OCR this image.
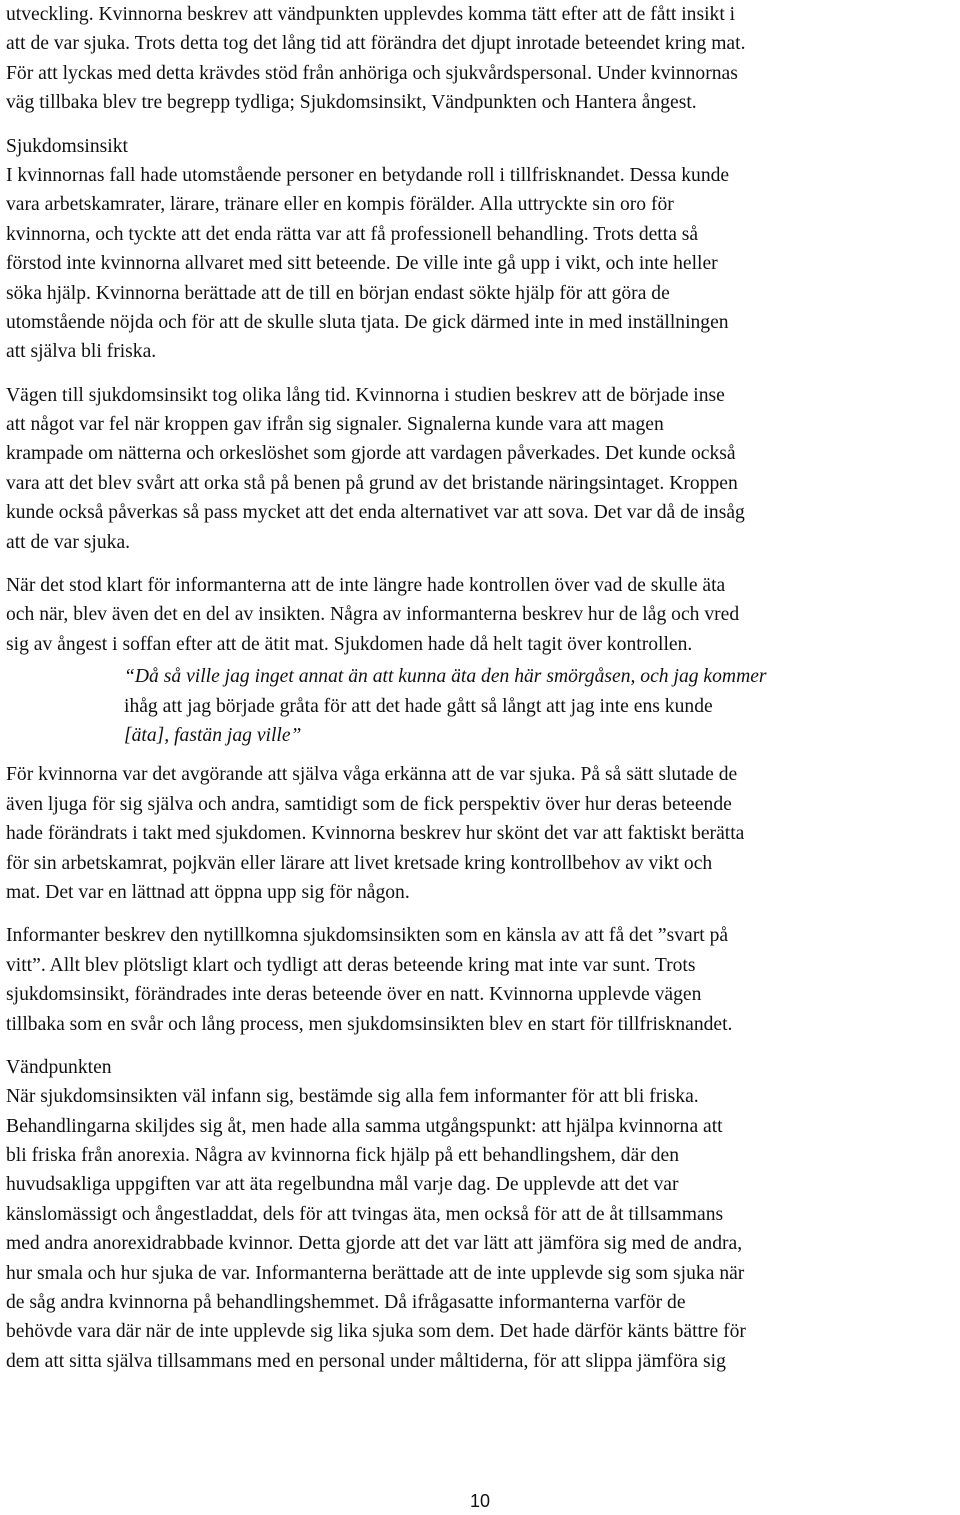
utveckling. Kvinnorna beskrev att vändpunkten upplevdes komma tätt efter att de fått insikt i
att de var sjuka. Trots detta tog det lång tid att förändra det djupt inrotade beteendet kring mat.
För att lyckas med detta krävdes stöd från anhöriga och sjukvårdspersonal. Under kvinnornas
väg tillbaka blev tre begrepp tydliga; Sjukdomsinsikt, Vändpunkten och Hantera ångest.
Sjukdomsinsikt
I kvinnornas fall hade utomstående personer en betydande roll i tillfrisknandet. Dessa kunde
vara arbetskamrater, lärare, tränare eller en kompis förälder. Alla uttryckte sin oro för
kvinnorna, och tyckte att det enda rätta var att få professionell behandling. Trots detta så
förstod inte kvinnorna allvaret med sitt beteende. De ville inte gå upp i vikt, och inte heller
söka hjälp. Kvinnorna berättade att de till en början endast sökte hjälp för att göra de
utomstående nöjda och för att de skulle sluta tjata. De gick därmed inte in med inställningen
att själva bli friska.
Vägen till sjukdomsinsikt tog olika lång tid. Kvinnorna i studien beskrev att de började inse
att något var fel när kroppen gav ifrån sig signaler. Signalerna kunde vara att magen
krampade om nätterna och orkeslöshet som gjorde att vardagen påverkades. Det kunde också
vara att det blev svårt att orka stå på benen på grund av det bristande näringsintaget. Kroppen
kunde också påverkas så pass mycket att det enda alternativet var att sova. Det var då de insåg
att de var sjuka.
När det stod klart för informanterna att de inte längre hade kontrollen över vad de skulle äta
och när, blev även det en del av insikten. Några av informanterna beskrev hur de låg och vred
sig av ångest i soffan efter att de ätit mat. Sjukdomen hade då helt tagit över kontrollen.
“Då så ville jag inget annat än att kunna äta den här smörgåsen, och jag kommer
ihåg att jag började gråta för att det hade gått så långt att jag inte ens kunde
[äta], fastän jag ville”
För kvinnorna var det avgörande att själva våga erkänna att de var sjuka. På så sätt slutade de
även ljuga för sig själva och andra, samtidigt som de fick perspektiv över hur deras beteende
hade förändrats i takt med sjukdomen. Kvinnorna beskrev hur skönt det var att faktiskt berätta
för sin arbetskamrat, pojkvän eller lärare att livet kretsade kring kontrollbehov av vikt och
mat. Det var en lättnad att öppna upp sig för någon.
Informanter beskrev den nytillkomna sjukdomsinsikten som en känsla av att få det ”svart på
vitt”. Allt blev plötsligt klart och tydligt att deras beteende kring mat inte var sunt. Trots
sjukdomsinsikt, förändrades inte deras beteende över en natt. Kvinnorna upplevde vägen
tillbaka som en svår och lång process, men sjukdomsinsikten blev en start för tillfrisknandet.
Vändpunkten
När sjukdomsinsikten väl infann sig, bestämde sig alla fem informanter för att bli friska.
Behandlingarna skiljdes sig åt, men hade alla samma utgångspunkt: att hjälpa kvinnorna att
bli friska från anorexia. Några av kvinnorna fick hjälp på ett behandlingshem, där den
huvudsakliga uppgiften var att äta regelbundna mål varje dag. De upplevde att det var
känslomässigt och ångestladdat, dels för att tvingas äta, men också för att de åt tillsammans
med andra anorexidrabbade kvinnor. Detta gjorde att det var lätt att jämföra sig med de andra,
hur smala och hur sjuka de var. Informanterna berättade att de inte upplevde sig som sjuka när
de såg andra kvinnorna på behandlingshemmet. Då ifrågasatte informanterna varför de
behövde vara där när de inte upplevde sig lika sjuka som dem. Det hade därför känts bättre för
dem att sitta själva tillsammans med en personal under måltiderna, för att slippa jämföra sig
10
